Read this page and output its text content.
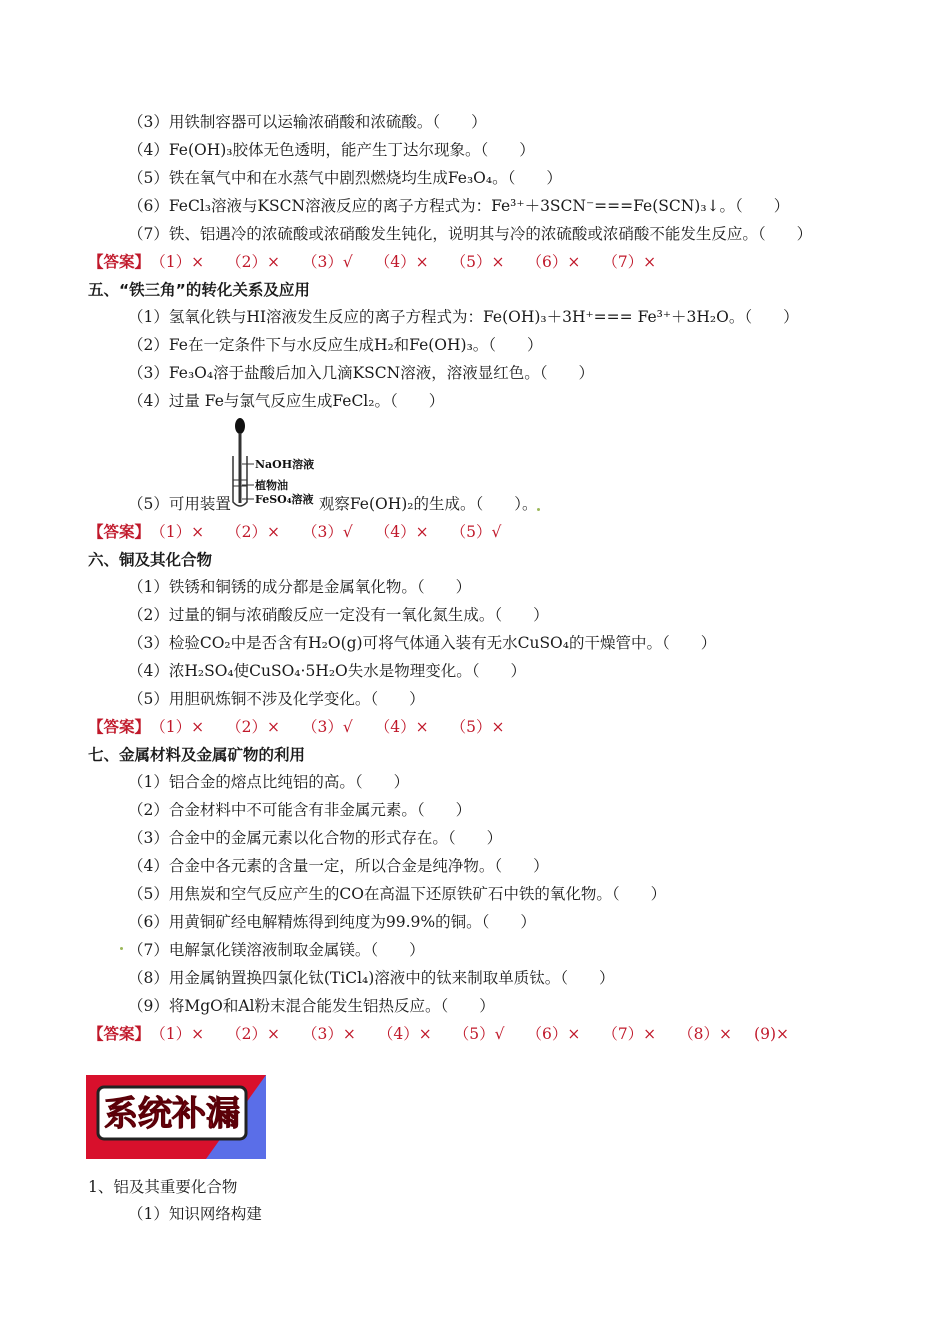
（3）用铁制容器可以运输浓硝酸和浓硫酸。（　　）
（4）Fe(OH)₃胶体无色透明，能产生丁达尔现象。（　　）
（5）铁在氧气中和在水蒸气中剧烈燃烧均生成Fe₃O₄。（　　）
（6）FeCl₃溶液与KSCN溶液反应的离子方程式为：Fe³⁺＋3SCN⁻===Fe(SCN)₃↓。（　　）
（7）铁、铝遇冷的浓硫酸或浓硝酸发生钝化，说明其与冷的浓硫酸或浓硝酸不能发生反应。（　　）
【答案】 （1）× （2）× （3）√ （4）× （5）× （6）× （7）×
五、“铁三角”的转化关系及应用
（1）氢氧化铁与HI溶液发生反应的离子方程式为：Fe(OH)₃＋3H⁺=== Fe³⁺＋3H₂O。（　　）
（2）Fe在一定条件下与水反应生成H₂和Fe(OH)₃。（　　）
（3）Fe₃O₄溶于盐酸后加入几滴KSCN溶液，溶液显红色。（　　）
（4）过量 Fe与氯气反应生成FeCl₂。（　　）
（5）可用装置	观察Fe(OH)₂的生成。（　　）。
NaOH溶液
植物油
FeSO₄溶液
【答案】 （1）× （2）× （3）√ （4）× （5）√
六、铜及其化合物
（1）铁锈和铜锈的成分都是金属氧化物。（　　）
（2）过量的铜与浓硝酸反应一定没有一氧化氮生成。（　　）
（3）检验CO₂中是否含有H₂O(g)可将气体通入装有无水CuSO₄的干燥管中。（　　）
（4）浓H₂SO₄使CuSO₄·5H₂O失水是物理变化。（　　）
（5）用胆矾炼铜不涉及化学变化。（　　）
【答案】 （1）× （2）× （3）√ （4）× （5）×
七、金属材料及金属矿物的利用
（1）铝合金的熔点比纯铝的高。（　　）
（2）合金材料中不可能含有非金属元素。（　　）
（3）合金中的金属元素以化合物的形式存在。（　　）
（4）合金中各元素的含量一定，所以合金是纯净物。（　　）
（5）用焦炭和空气反应产生的CO在高温下还原铁矿石中铁的氧化物。（　　）
（6）用黄铜矿经电解精炼得到纯度为99.9%的铜。（　　）
（7）电解氯化镁溶液制取金属镁。（　　）
（8）用金属钠置换四氯化钛(TiCl₄)溶液中的钛来制取单质钛。（　　）
（9）将MgO和Al粉末混合能发生铝热反应。（　　）
【答案】 （1）× （2）× （3）× （4）× （5）√ （6）× （7）× （8）× (9)×
系统补漏
1、铝及其重要化合物
（1）知识网络构建
